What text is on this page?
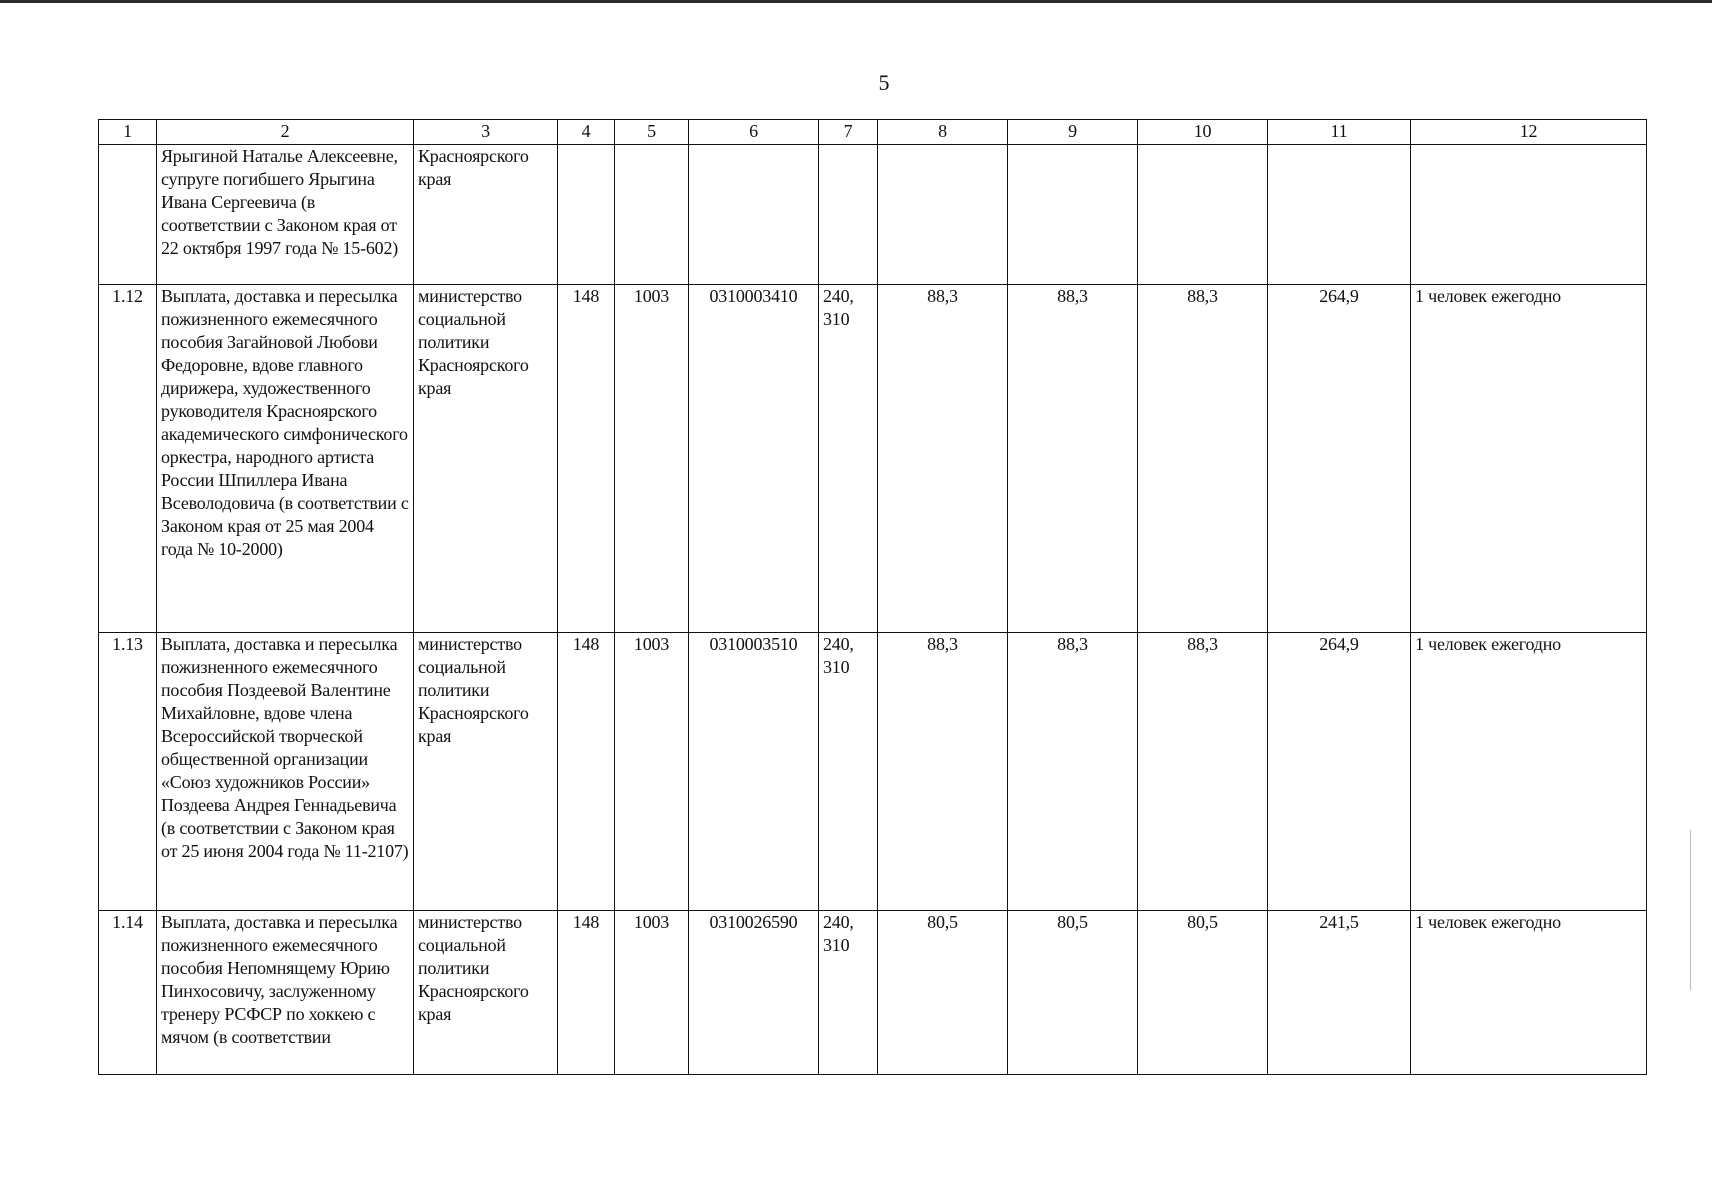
5
1	2	3	4	5	6	7	8	9	10	11	12
	Ярыгиной Наталье Алексеевне, супруге погибшего Ярыгина Ивана Сергеевича (в соответствии с Законом края от 22 октября 1997 года № 15-602)	Красноярского края									
1.12	Выплата, доставка и пересылка пожизненного ежемесячного пособия Загайновой Любови Федоровне, вдове главного дирижера, художественного руководителя Красноярского академического симфонического оркестра, народного артиста России Шпиллера Ивана Всеволодовича (в соответствии с Законом края от 25 мая 2004 года № 10-2000)	министерство социальной политики Красноярского края	148	1003	0310003410	240, 310	88,3	88,3	88,3	264,9	1 человек ежегодно
1.13	Выплата, доставка и пересылка пожизненного ежемесячного пособия Поздеевой Валентине Михайловне, вдове члена Всероссийской творческой общественной организации «Союз художников России» Поздеева Андрея Геннадьевича (в соответствии с Законом края от 25 июня 2004 года № 11-2107)	министерство социальной политики Красноярского края	148	1003	0310003510	240, 310	88,3	88,3	88,3	264,9	1 человек ежегодно
1.14	Выплата, доставка и пересылка пожизненного ежемесячного пособия Непомнящему Юрию Пинхосовичу, заслуженному тренеру РСФСР по хоккею с мячом (в соответствии	министерство социальной политики Красноярского края	148	1003	0310026590	240, 310	80,5	80,5	80,5	241,5	1 человек ежегодно
